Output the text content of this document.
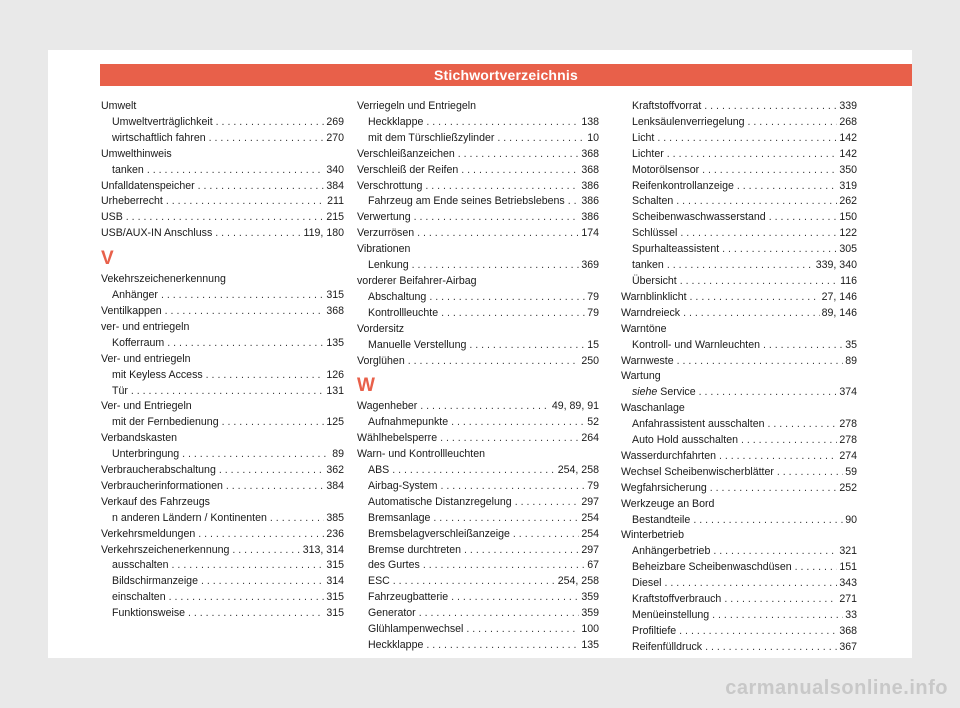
Stichwortverzeichnis
Umwelt
Umweltverträglichkeit . . .	269
wirtschaftlich fahren . . .	270
Umwelthinweis
tanken . . .	340
Unfalldatenspeicher . . .	384
Urheberrecht . . .	211
USB . . .	215
USB/AUX-IN Anschluss . . .	119, 180
V
Vekehrszeichenerkennung
Anhänger . . .	315
Ventilkappen . . .	368
ver- und entriegeln
Kofferraum . . .	135
Ver- und entriegeln
mit Keyless Access . . .	126
Tür . . .	131
Ver- und Entriegeln
mit der Fernbedienung . . .	125
Verbandskasten
Unterbringung . . .	89
Verbraucherabschaltung . . .	362
Verbraucherinformationen . . .	384
Verkauf des Fahrzeugs
n anderen Ländern / Kontinenten . . .	385
Verkehrsmeldungen . . .	236
Verkehrszeichenerkennung . . .	313, 314
ausschalten . . .	315
Bildschirmanzeige . . .	314
einschalten . . .	315
Funktionsweise . . .	315
Verriegeln und Entriegeln
Heckklappe . . .	138
mit dem Türschließzylinder . . .	10
Verschleißanzeichen . . .	368
Verschleiß der Reifen . . .	368
Verschrottung . . .	386
Fahrzeug am Ende seines Betriebslebens . . . 386
Verwertung . . .	386
Verzurrösen . . .	174
Vibrationen
Lenkung . . .	369
vorderer Beifahrer-Airbag
Abschaltung . . .	79
Kontrollleuchte . . .	79
Vordersitz
Manuelle Verstellung . . .	15
Vorglühen . . .	250
W
Wagenheber . . .	49, 89, 91
Aufnahmepunkte . . .	52
Wählhebelsperre . . .	264
Warn- und Kontrollleuchten
ABS . . .	254, 258
Airbag-System . . .	79
Automatische Distanzregelung . . .	297
Bremsanlage . . .	254
Bremsbelagverschleißanzeige . . .	254
Bremse durchtreten . . .	297
des Gurtes . . .	67
ESC . . .	254, 258
Fahrzeugbatterie . . .	359
Generator . . .	359
Glühlampenwechsel . . .	100
Heckklappe . . .	135
Kraftstoffvorrat . . .	339
Lenksäulenverriegelung . . .	268
Licht . . .	142
Lichter . . .	142
Motorölsensor . . .	350
Reifenkontrollanzeige . . .	319
Schalten . . .	262
Scheibenwaschwasserstand . . .	150
Schlüssel . . .	122
Spurhalteassistent . . .	305
tanken . . .	339, 340
Übersicht . . .	116
Warnblinklicht . . .	27, 146
Warndreieck . . .	89, 146
Warntöne
Kontroll- und Warnleuchten . . .	35
Warnweste . . .	89
Wartung
siehe Service . . .	374
Waschanlage
Anfahrassistent ausschalten . . .	278
Auto Hold ausschalten . . .	278
Wasserdurchfahrten . . .	274
Wechsel Scheibenwischerblätter . . .	59
Wegfahrsicherung . . .	252
Werkzeuge an Bord
Bestandteile . . .	90
Winterbetrieb
Anhängerbetrieb . . .	321
Beheizbare Scheibenwaschdüsen . . .	151
Diesel . . .	343
Kraftstoffverbrauch . . .	271
Menüeinstellung . . .	33
Profiltiefe . . .	368
Reifenfülldruck . . .	367
carmanualsonline.info
